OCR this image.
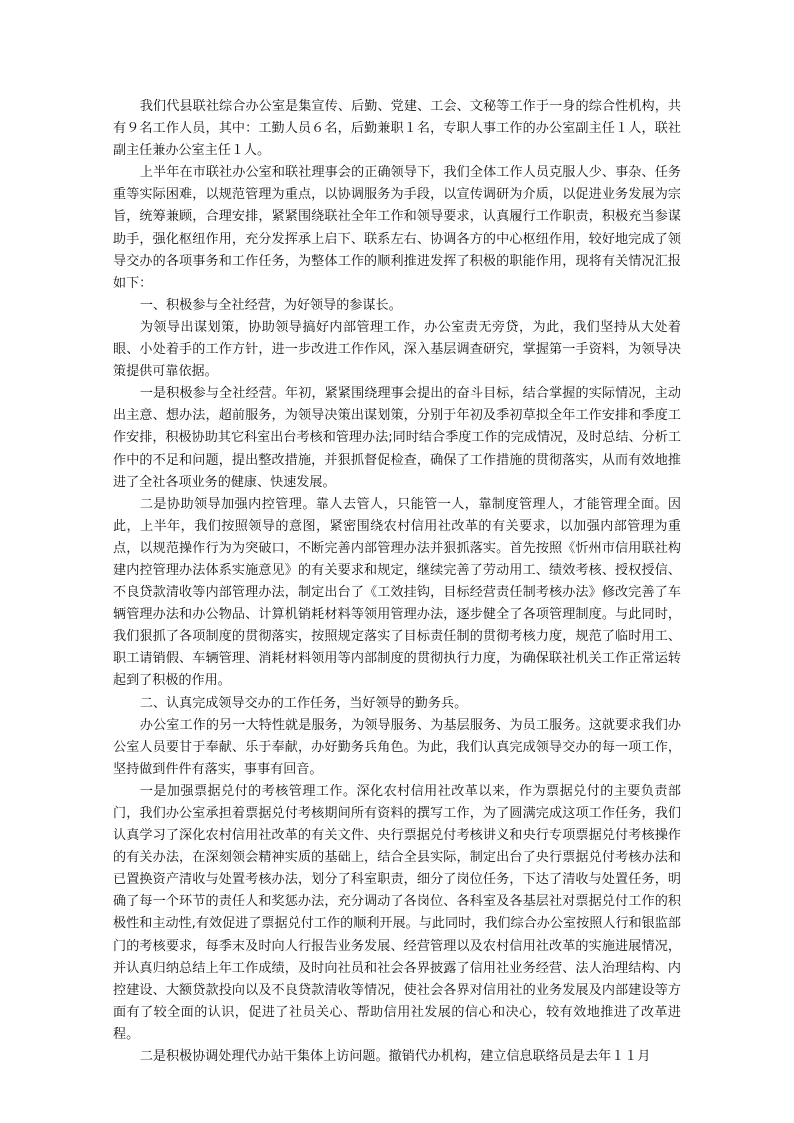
我们代县联社综合办公室是集宣传、后勤、党建、工会、文秘等工作于一身的综合性机构，共有９名工作人员，其中：工勤人员６名，后勤兼职１名，专职人事工作的办公室副主任１人，联社副主任兼办公室主任１人。

上半年在市联社办公室和联社理事会的正确领导下，我们全体工作人员克服人少、事杂、任务重等实际困难，以规范管理为重点，以协调服务为手段，以宣传调研为介质，以促进业务发展为宗旨，统筹兼顾，合理安排，紧紧围绕联社全年工作和领导要求，认真履行工作职责，积极充当参谋助手，强化枢纽作用，充分发挥承上启下、联系左右、协调各方的中心枢纽作用，较好地完成了领导交办的各项事务和工作任务，为整体工作的顺利推进发挥了积极的职能作用，现将有关情况汇报如下：

一、积极参与全社经营，为好领导的参谋长。

为领导出谋划策，协助领导搞好内部管理工作，办公室责无旁贷，为此，我们坚持从大处着眼、小处着手的工作方针，进一步改进工作作风，深入基层调查研究，掌握第一手资料，为领导决策提供可靠依据。

一是积极参与全社经营。年初，紧紧围绕理事会提出的奋斗目标，结合掌握的实际情况，主动出主意、想办法，超前服务，为领导决策出谋划策，分别于年初及季初草拟全年工作安排和季度工作安排，积极协助其它科室出台考核和管理办法;同时结合季度工作的完成情况，及时总结、分析工作中的不足和问题，提出整改措施，并狠抓督促检查，确保了工作措施的贯彻落实，从而有效地推进了全社各项业务的健康、快速发展。

二是协助领导加强内控管理。靠人去管人，只能管一人，靠制度管理人，才能管理全面。因此，上半年，我们按照领导的意图，紧密围绕农村信用社改革的有关要求，以加强内部管理为重点，以规范操作行为为突破口，不断完善内部管理办法并狠抓落实。首先按照《忻州市信用联社构建内控管理办法体系实施意见》的有关要求和规定，继续完善了劳动用工、绩效考核、授权授信、不良贷款清收等内部管理办法，制定出台了《工效挂钩，目标经营责任制考核办法》修改完善了车辆管理办法和办公物品、计算机销耗材料等领用管理办法，逐步健全了各项管理制度。与此同时，我们狠抓了各项制度的贯彻落实，按照规定落实了目标责任制的贯彻考核力度，规范了临时用工、职工请销假、车辆管理、消耗材料领用等内部制度的贯彻执行力度，为确保联社机关工作正常运转起到了积极的作用。

二、认真完成领导交办的工作任务，当好领导的勤务兵。

办公室工作的另一大特性就是服务，为领导服务、为基层服务、为员工服务。这就要求我们办公室人员要甘于奉献、乐于奉献，办好勤务兵角色。为此，我们认真完成领导交办的每一项工作，坚持做到件件有落实，事事有回音。

一是加强票据兑付的考核管理工作。深化农村信用社改革以来，作为票据兑付的主要负责部门，我们办公室承担着票据兑付考核期间所有资料的撰写工作，为了圆满完成这项工作任务，我们认真学习了深化农村信用社改革的有关文件、央行票据兑付考核讲义和央行专项票据兑付考核操作的有关办法，在深刻领会精神实质的基础上，结合全县实际，制定出台了央行票据兑付考核办法和已置换资产清收与处置考核办法，划分了科室职责，细分了岗位任务，下达了清收与处置任务，明确了每一个环节的责任人和奖惩办法，充分调动了各岗位、各科室及各基层社对票据兑付工作的积极性和主动性,有效促进了票据兑付工作的顺利开展。与此同时，我们综合办公室按照人行和银监部门的考核要求，每季末及时向人行报告业务发展、经营管理以及农村信用社改革的实施进展情况，并认真归纳总结上年工作成绩，及时向社员和社会各界披露了信用社业务经营、法人治理结构、内控建设、大额贷款投向以及不良贷款清收等情况，使社会各界对信用社的业务发展及内部建设等方面有了较全面的认识，促进了社员关心、帮助信用社发展的信心和决心，较有效地推进了改革进程。

二是积极协调处理代办站干集体上访问题。撤销代办机构，建立信息联络员是去年１１月
